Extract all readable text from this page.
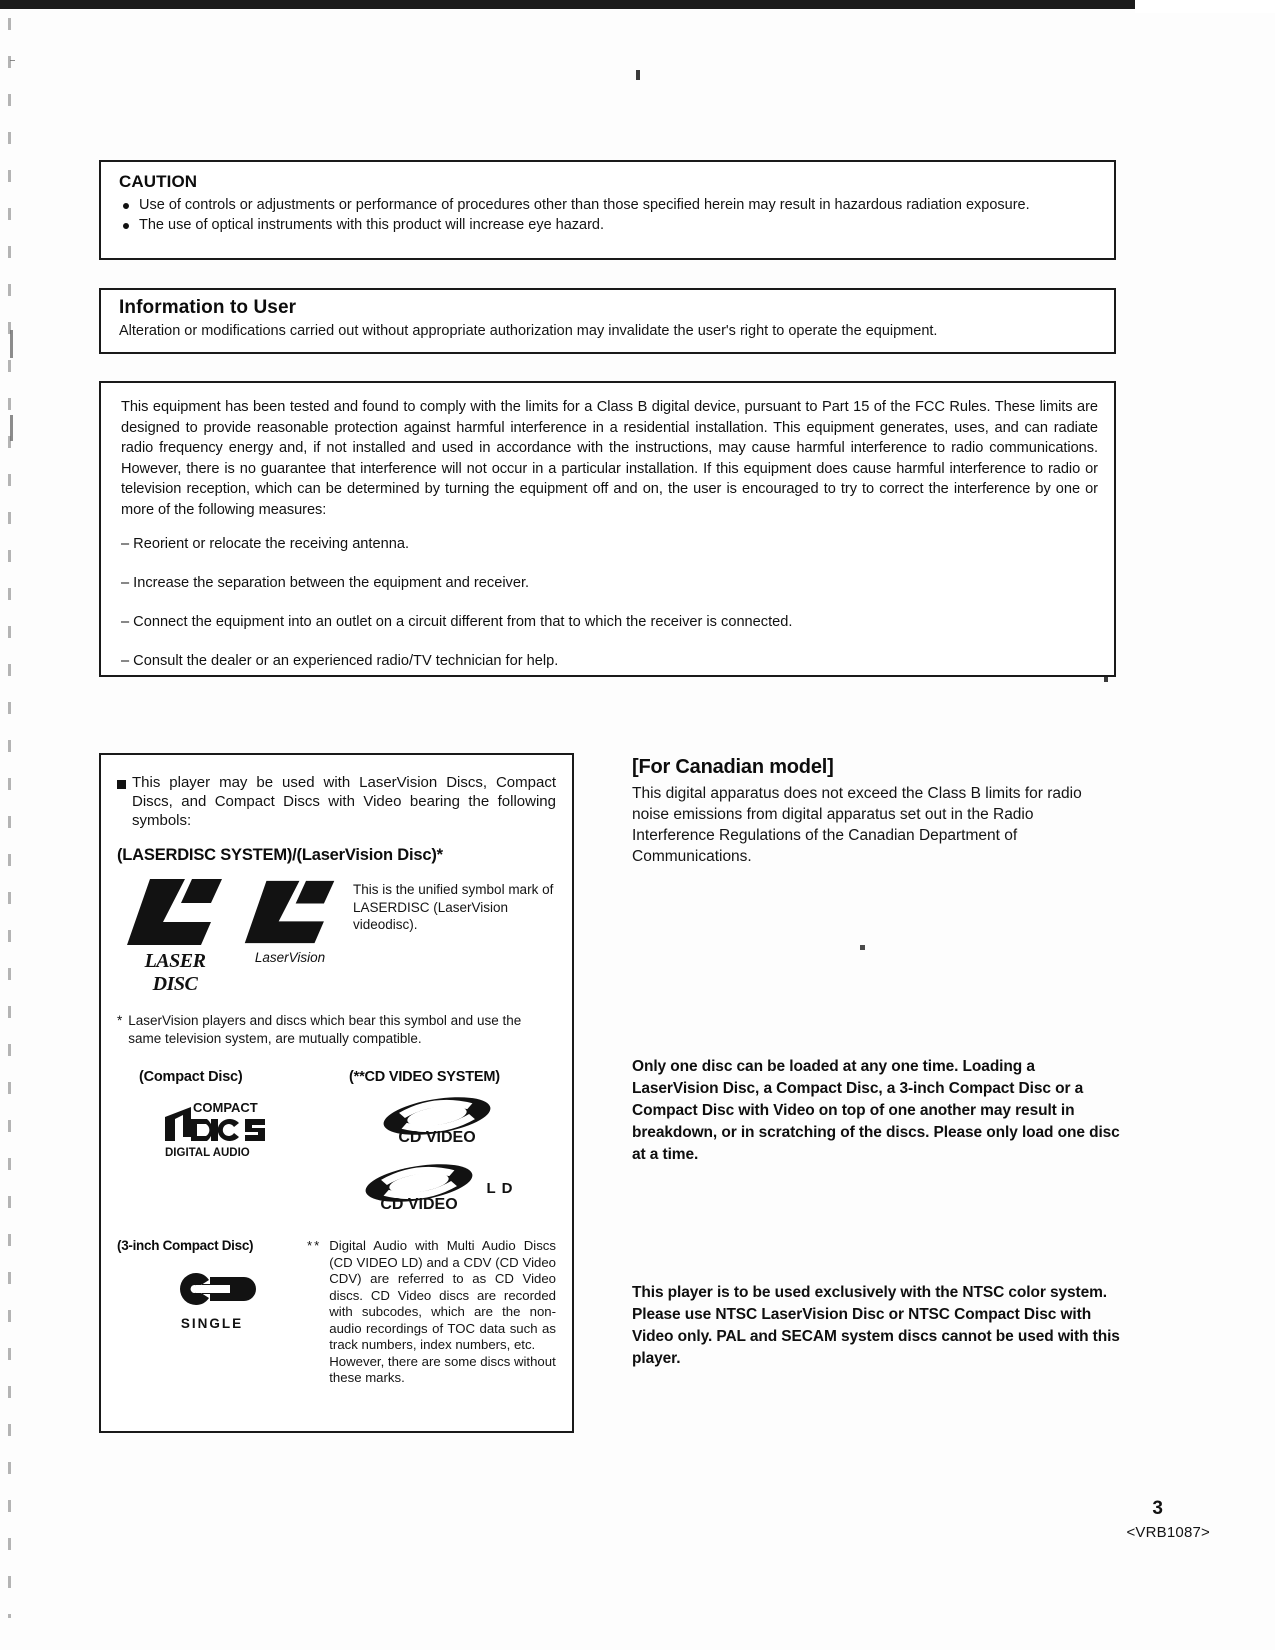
CAUTION
Use of controls or adjustments or performance of procedures other than those specified herein may result in hazardous radiation exposure.
The use of optical instruments with this product will increase eye hazard.
Information to User

Alteration or modifications carried out without appropriate authorization may invalidate the user's right to operate the equipment.

This equipment has been tested and found to comply with the limits for a Class B digital device, pursuant to Part 15 of the FCC Rules. These limits are designed to provide reasonable protection against harmful interference in a residential installation. This equipment generates, uses, and can radiate radio frequency energy and, if not installed and used in accordance with the instructions, may cause harmful interference to radio communications. However, there is no guarantee that interference will not occur in a particular installation. If this equipment does cause harmful interference to radio or television reception, which can be determined by turning the equipment off and on, the user is encouraged to try to correct the interference by one or more of the following measures:

– Reorient or relocate the receiving antenna.

– Increase the separation between the equipment and receiver.

– Connect the equipment into an outlet on a circuit different from that to which the receiver is connected.

– Consult the dealer or an experienced radio/TV technician for help.

This player may be used with LaserVision Discs, Compact Discs, and Compact Discs with Video bearing the following symbols:
(LASERDISC SYSTEM)/(LaserVision Disc)*
LASER DISC
LaserVision
This is the unified symbol mark of LASERDISC (LaserVision videodisc).
* LaserVision players and discs which bear this symbol and use the same television system, are mutually compatible.
(Compact Disc)	(**CD VIDEO SYSTEM)
COMPACT
DIGITAL AUDIO
CD VIDEO
CD VIDEO
L D
(3-inch Compact Disc)
SINGLE
** Digital Audio with Multi Audio Discs (CD VIDEO LD) and a CDV (CD Video CDV) are referred to as CD Video discs. CD Video discs are recorded with subcodes, which are the non-audio recordings of TOC data such as track numbers, index numbers, etc.
However, there are some discs without these marks.
[For Canadian model]

This digital apparatus does not exceed the Class B limits for radio noise emissions from digital apparatus set out in the Radio Interference Regulations of the Canadian Department of Communications.

Only one disc can be loaded at any one time. Loading a LaserVision Disc, a Compact Disc, a 3-inch Compact Disc or a Compact Disc with Video on top of one another may result in breakdown, or in scratching of the discs. Please only load one disc at a time.

This player is to be used exclusively with the NTSC color system. Please use NTSC LaserVision Disc or NTSC Compact Disc with Video only. PAL and SECAM system discs cannot be used with this player.

3
<VRB1087>
